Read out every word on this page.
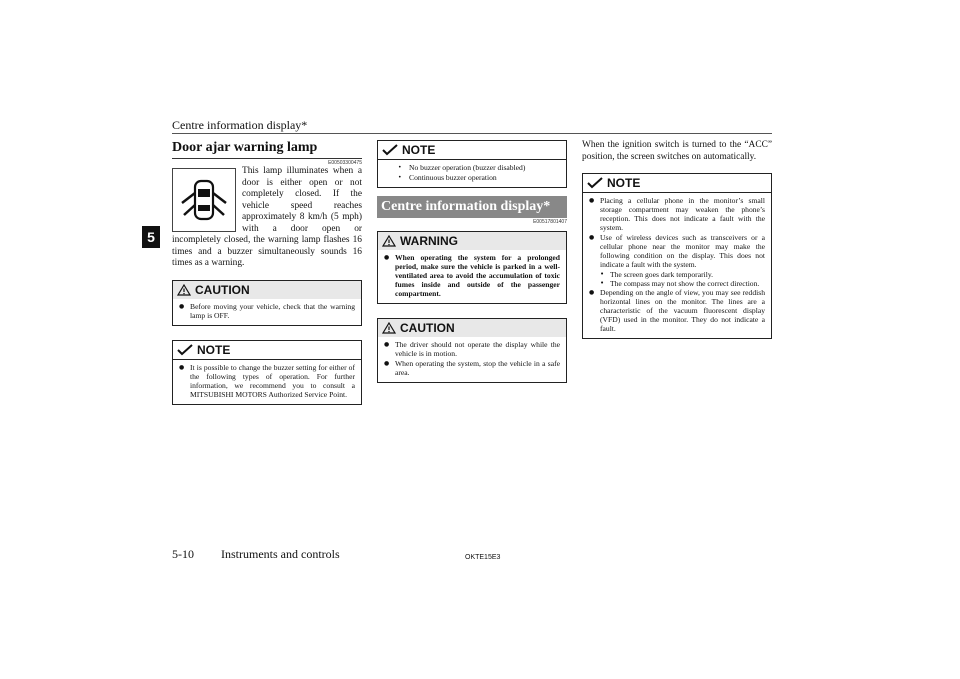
Centre information display*
5
Door ajar warning lamp
E00503300475
This lamp illuminates when a door is either open or not completely closed. If the vehicle speed reaches approximately 8 km/h (5 mph) with a door open or incompletely closed, the warning lamp flashes 16 times and a buzzer simultaneously sounds 16 times as a warning.
CAUTION
● Before moving your vehicle, check that the warning lamp is OFF.
NOTE
● It is possible to change the buzzer setting for either of the following types of operation. For further information, we recommend you to consult a MITSUBISHI MOTORS Authorized Service Point.
NOTE
• No buzzer operation (buzzer disabled)
• Continuous buzzer operation
Centre information display*
E00517801407
WARNING
● When operating the system for a prolonged period, make sure the vehicle is parked in a well-ventilated area to avoid the accumulation of toxic fumes inside and outside of the passenger compartment.
CAUTION
● The driver should not operate the display while the vehicle is in motion.
● When operating the system, stop the vehicle in a safe area.
When the ignition switch is turned to the “ACC” position, the screen switches on automatically.
NOTE
● Placing a cellular phone in the monitor’s small storage compartment may weaken the phone’s reception. This does not indicate a fault with the system.
● Use of wireless devices such as transceivers or a cellular phone near the monitor may make the following condition on the display. This does not indicate a fault with the system.
• The screen goes dark temporarily.
• The compass may not show the correct direction.
● Depending on the angle of view, you may see reddish horizontal lines on the monitor. The lines are a characteristic of the vacuum fluorescent display (VFD) used in the monitor. They do not indicate a fault.
5-10 Instruments and controls	OKTE15E3
